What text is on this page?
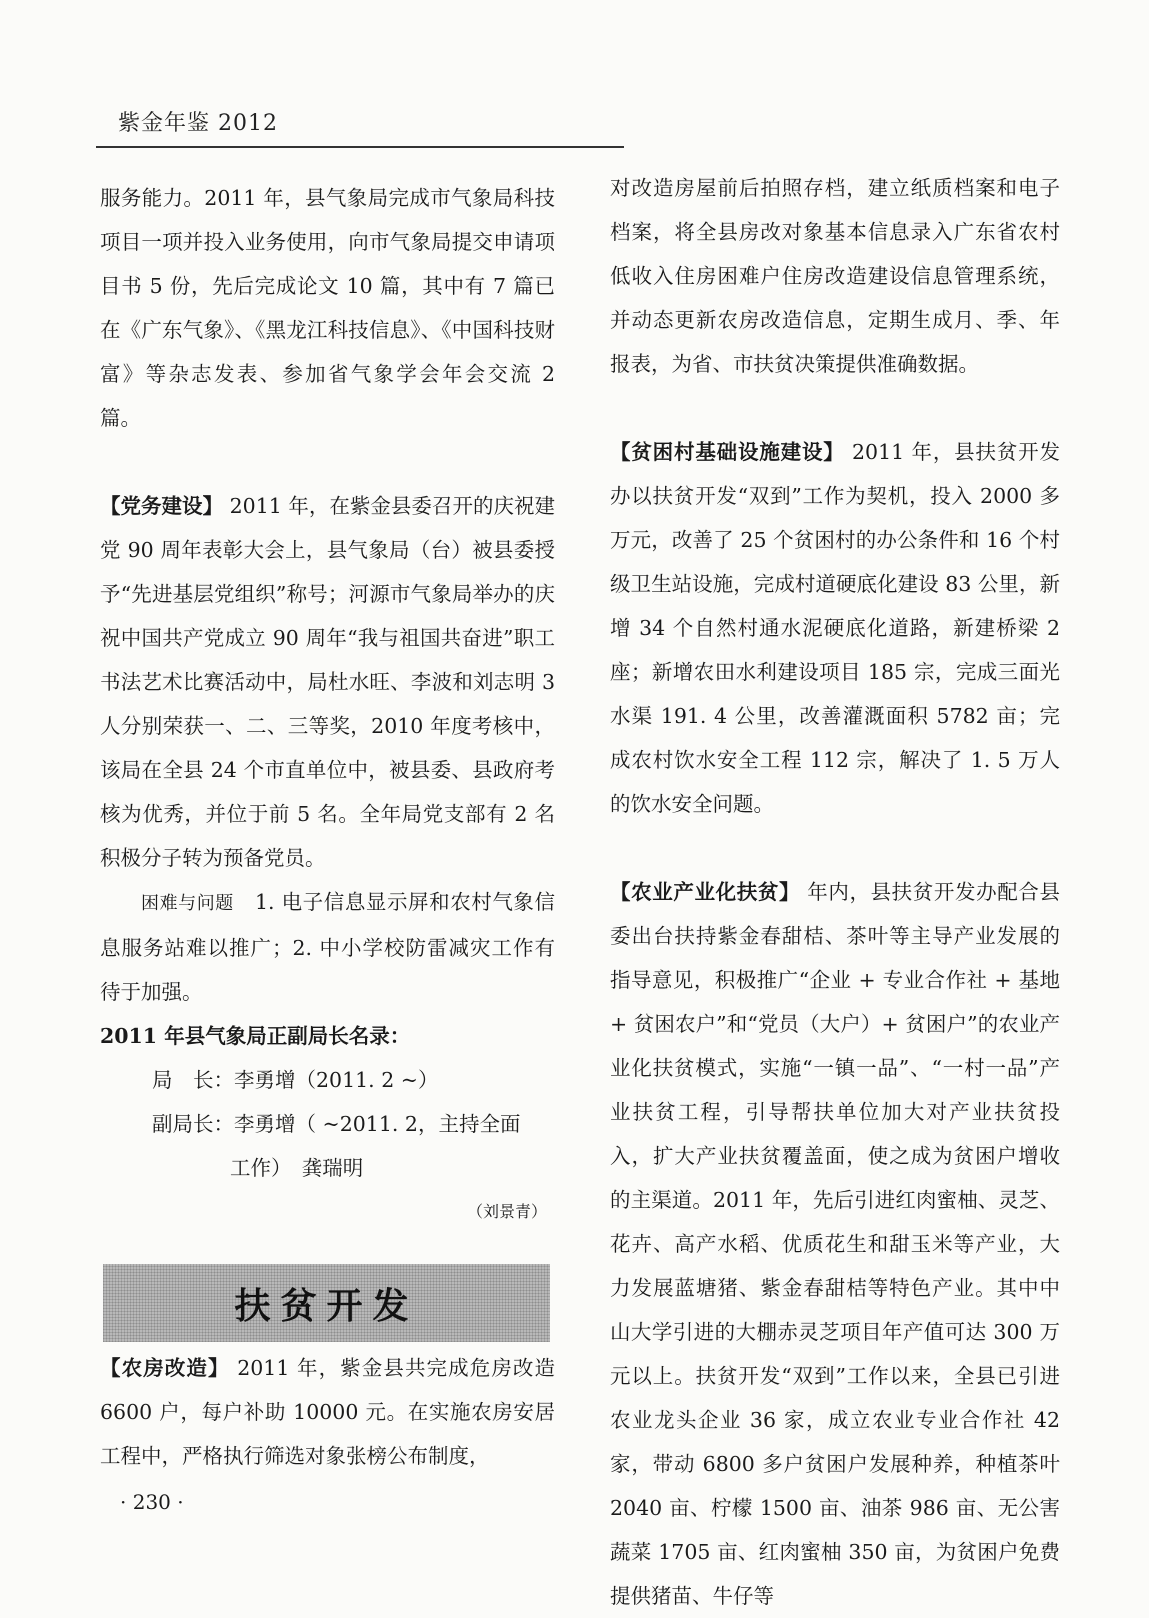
紫金年鉴 2012

服务能力。2011 年，县气象局完成市气象局科技项目一项并投入业务使用，向市气象局提交申请项目书 5 份，先后完成论文 10 篇，其中有 7 篇已在《广东气象》、《黑龙江科技信息》、《中国科技财富》等杂志发表、参加省气象学会年会交流 2 篇。

【党务建设】 2011 年，在紫金县委召开的庆祝建党 90 周年表彰大会上，县气象局（台）被县委授予“先进基层党组织”称号；河源市气象局举办的庆祝中国共产党成立 90 周年“我与祖国共奋进”职工书法艺术比赛活动中，局杜水旺、李波和刘志明 3 人分别荣获一、二、三等奖，2010 年度考核中，该局在全县 24 个市直单位中，被县委、县政府考核为优秀，并位于前 5 名。全年局党支部有 2 名积极分子转为预备党员。

困难与问题　1. 电子信息显示屏和农村气象信息服务站难以推广；2. 中小学校防雷减灾工作有待于加强。

2011 年县气象局正副局长名录：

局　长：李勇增（2011. 2 ~）

副局长：李勇增（ ~2011. 2，主持全面

工作）　龚瑞明

（刘景青）

扶贫开发

【农房改造】 2011 年，紫金县共完成危房改造 6600 户，每户补助 10000 元。在实施农房安居工程中，严格执行筛选对象张榜公布制度，

· 230 ·

对改造房屋前后拍照存档，建立纸质档案和电子档案，将全县房改对象基本信息录入广东省农村低收入住房困难户住房改造建设信息管理系统，并动态更新农房改造信息，定期生成月、季、年报表，为省、市扶贫决策提供准确数据。

【贫困村基础设施建设】 2011 年，县扶贫开发办以扶贫开发“双到”工作为契机，投入 2000 多万元，改善了 25 个贫困村的办公条件和 16 个村级卫生站设施，完成村道硬底化建设 83 公里，新增 34 个自然村通水泥硬底化道路，新建桥梁 2 座；新增农田水利建设项目 185 宗，完成三面光水渠 191. 4 公里，改善灌溉面积 5782 亩；完成农村饮水安全工程 112 宗，解决了 1. 5 万人的饮水安全问题。

【农业产业化扶贫】 年内，县扶贫开发办配合县委出台扶持紫金春甜桔、茶叶等主导产业发展的指导意见，积极推广“企业 + 专业合作社 + 基地 + 贫困农户”和“党员（大户）+ 贫困户”的农业产业化扶贫模式，实施“一镇一品”、“一村一品”产业扶贫工程，引导帮扶单位加大对产业扶贫投入，扩大产业扶贫覆盖面，使之成为贫困户增收的主渠道。2011 年，先后引进红肉蜜柚、灵芝、花卉、高产水稻、优质花生和甜玉米等产业，大力发展蓝塘猪、紫金春甜桔等特色产业。其中中山大学引进的大棚赤灵芝项目年产值可达 300 万元以上。扶贫开发“双到”工作以来，全县已引进农业龙头企业 36 家，成立农业专业合作社 42 家，带动 6800 多户贫困户发展种养，种植茶叶 2040 亩、柠檬 1500 亩、油茶 986 亩、无公害蔬菜 1705 亩、红肉蜜柚 350 亩，为贫困户免费提供猪苗、牛仔等
